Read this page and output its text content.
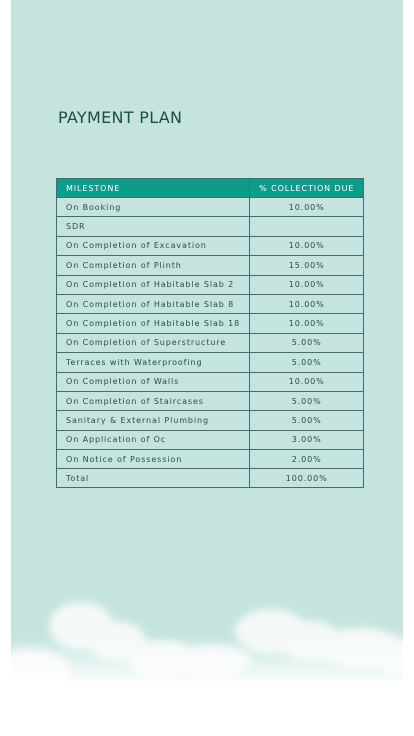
PAYMENT PLAN
MILESTONE	% COLLECTION DUE
On Booking	10.00%
SDR	
On Completion of Excavation	10.00%
On Completion of Plinth	15.00%
On Completion of Habitable Slab 2	10.00%
On Completion of Habitable Slab 8	10.00%
On Completion of Habitable Slab 18	10.00%
On Completion of Superstructure	5.00%
Terraces with Waterproofing	5.00%
On Completion of Walls	10.00%
On Completion of Staircases	5.00%
Sanitary & External Plumbing	5.00%
On Application of Oc	3.00%
On Notice of Possession	2.00%
Total	100.00%
